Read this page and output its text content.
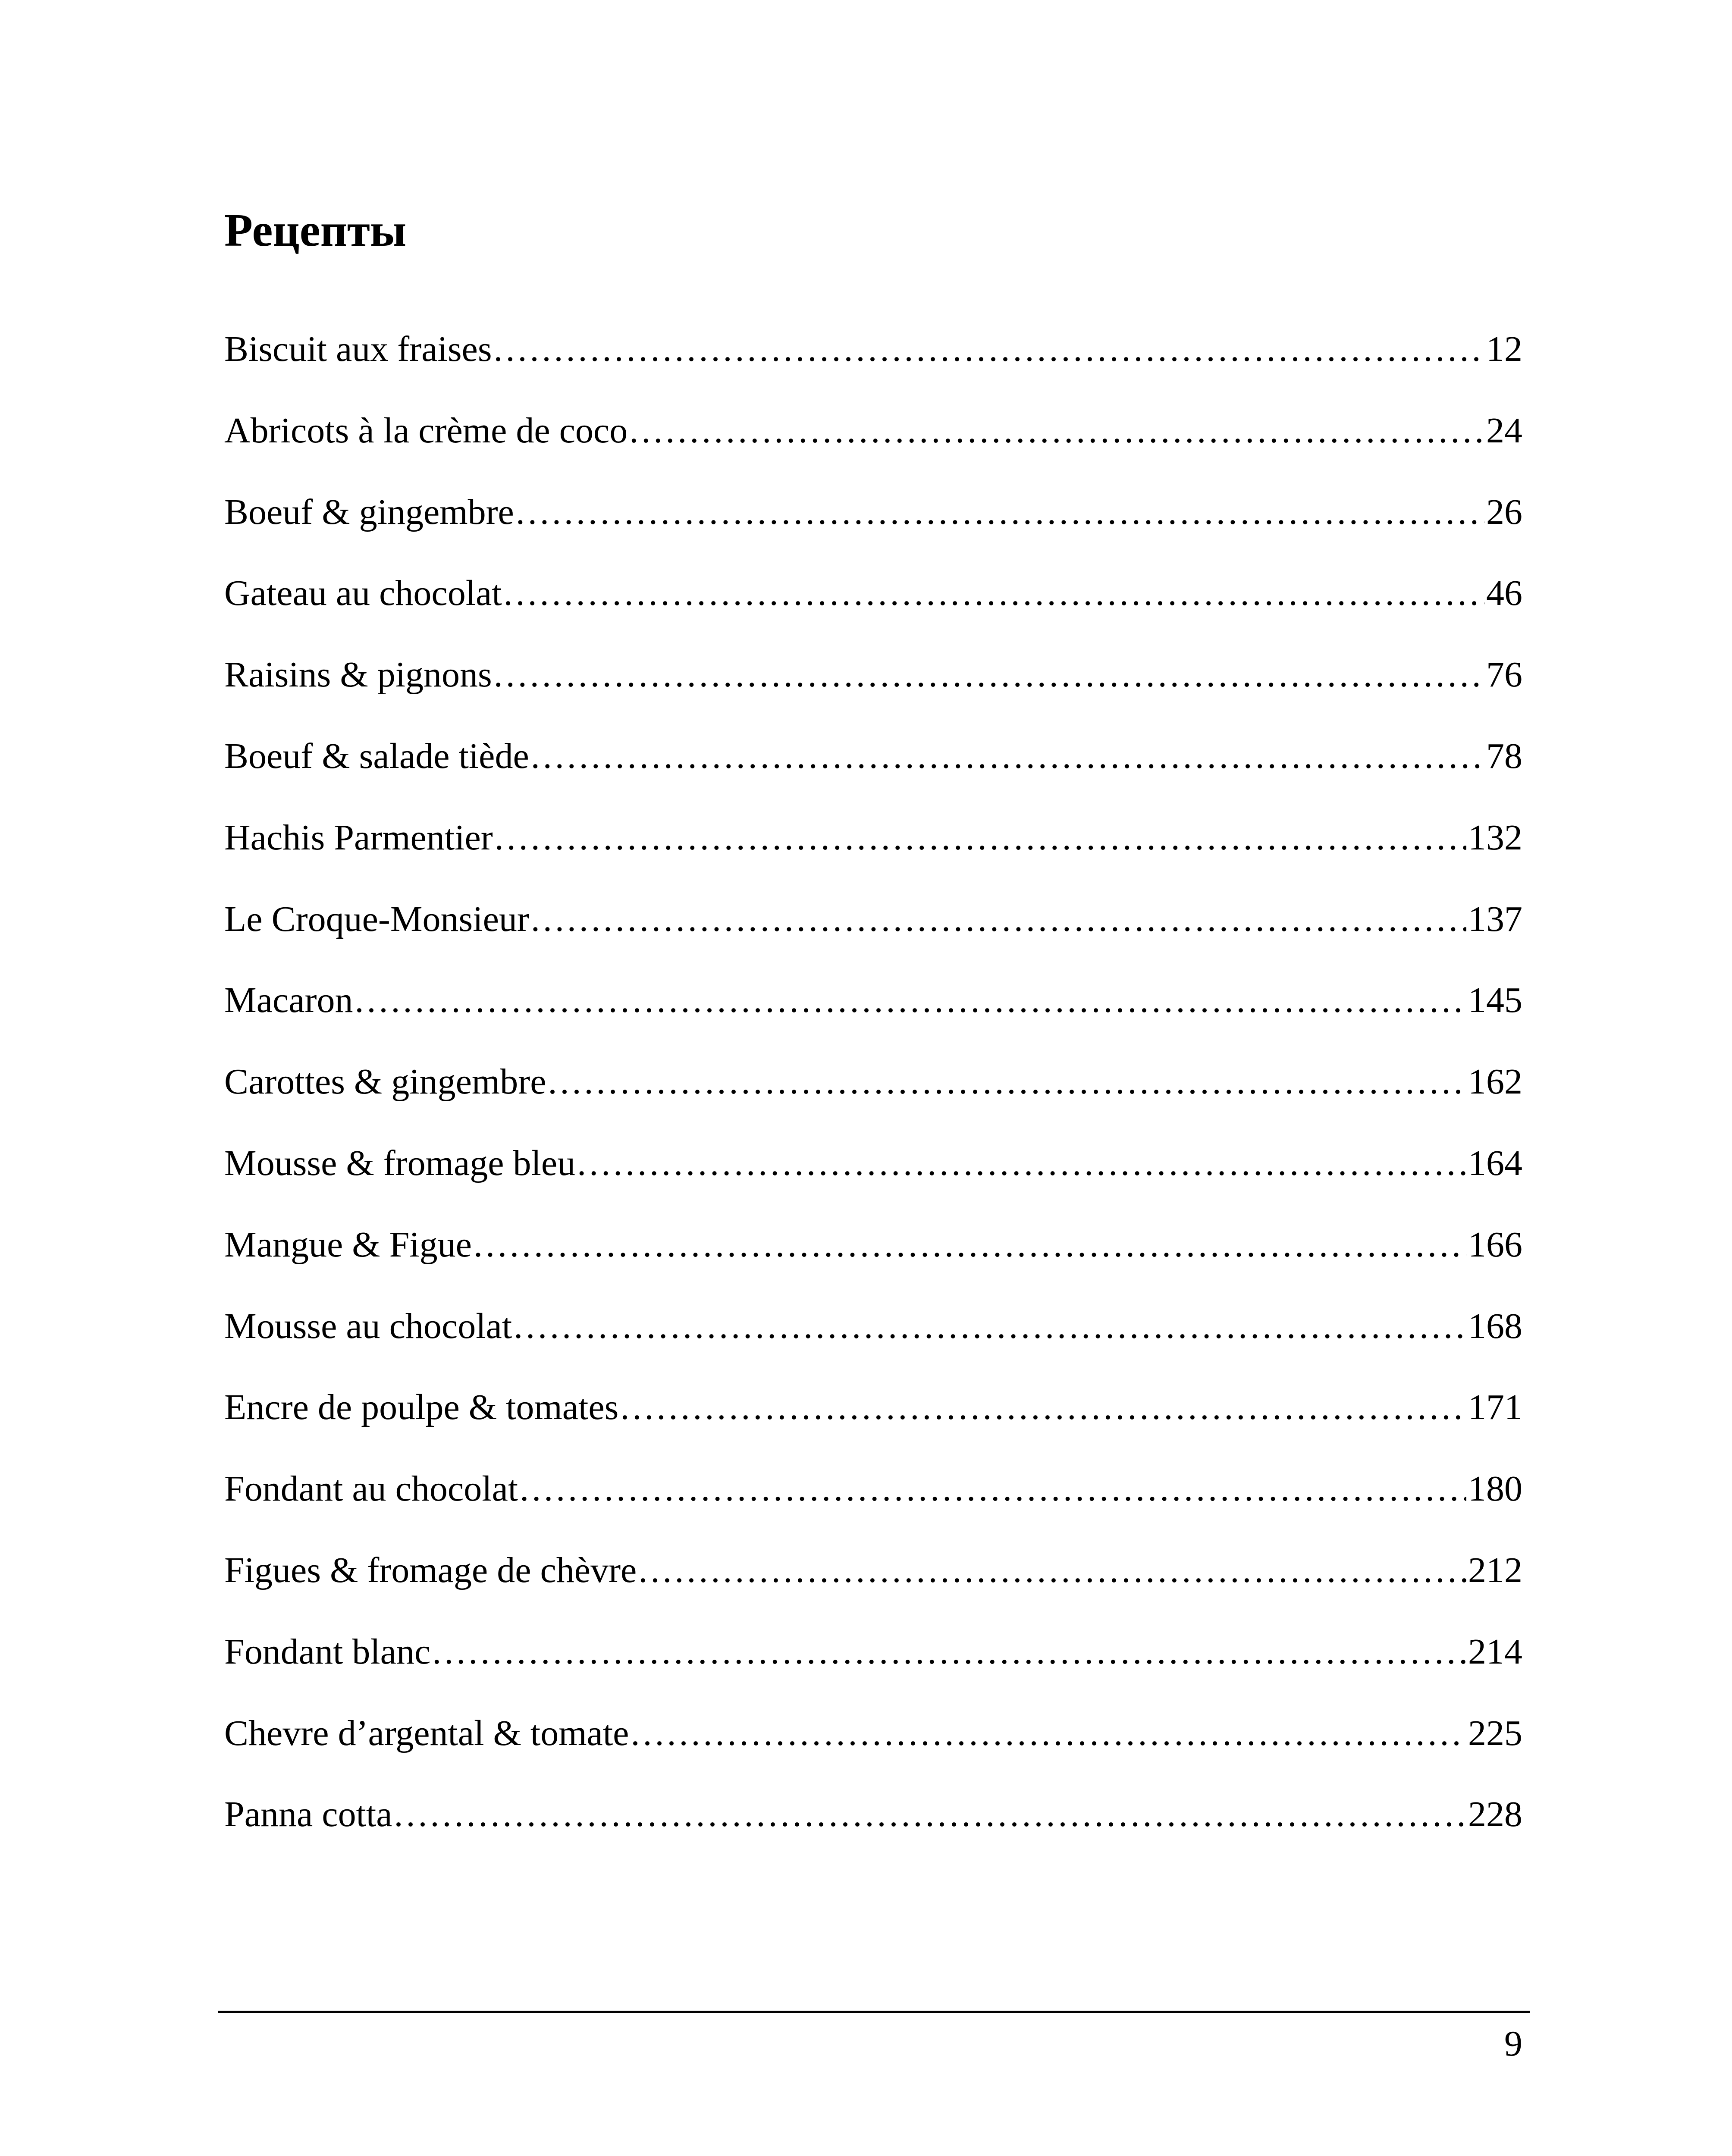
Рецепты
Biscuit aux fraises .....	12
Abricots à la crème de coco .....	24
Boeuf & gingembre .....	26
Gateau au chocolat .....	46
Raisins & pignons .....	76
Boeuf & salade tiède .....	78
Hachis Parmentier .....	132
Le Croque-Monsieur .....	137
Macaron .....	145
Carottes & gingembre .....	162
Mousse & fromage bleu .....	164
Mangue & Figue .....	166
Mousse au chocolat .....	168
Encre de poulpe & tomates .....	171
Fondant au chocolat .....	180
Figues & fromage de chèvre .....	212
Fondant blanc .....	214
Chevre d’argental & tomate .....	225
Panna cotta .....	228
9
